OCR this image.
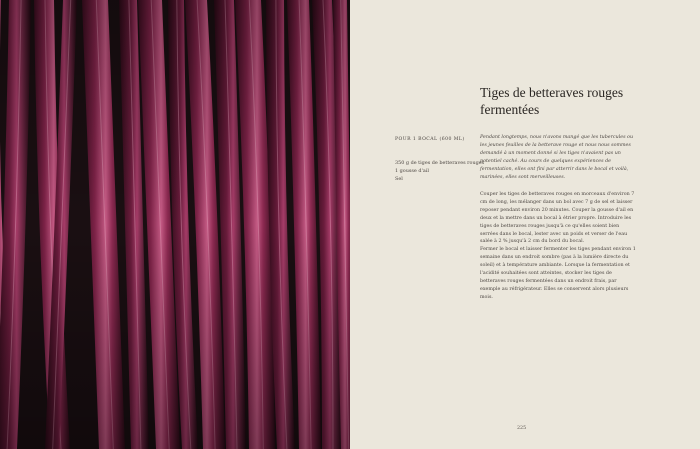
Tiges de betteraves rouges fermentées
POUR 1 BOCAL (600 ML)
350 g de tiges de betteraves rouges
1 gousse d'ail
Sel
Pendant longtemps, nous n'avons mangé que les tubercules ou les jeunes feuilles de la betterave rouge et nous nous sommes demandé à un moment donné si les tiges n'avaient pas un potentiel caché. Au cours de quelques expériences de fermentation, elles ont fini par atterrir dans le bocal et voilà, marinées, elles sont merveilleuses.

Couper les tiges de betteraves rouges en morceaux d'environ 7 cm de long, les mélanger dans un bol avec 7 g de sel et laisser reposer pendant environ 20 minutes. Couper la gousse d'ail en deux et la mettre dans un bocal à étrier propre. Introduire les tiges de betteraves rouges jusqu'à ce qu'elles soient bien serrées dans le bocal, lester avec un poids et verser de l'eau salée à 2 % jusqu'à 2 cm du bord du bocal.

Fermer le bocal et laisser fermenter les tiges pendant environ 1 semaine dans un endroit sombre (pas à la lumière directe du soleil) et à température ambiante. Lorsque la fermentation et l'acidité souhaitées sont atteintes, stocker les tiges de betteraves rouges fermentées dans un endroit frais, par exemple au réfrigérateur. Elles se conservent alors plusieurs mois.

225
